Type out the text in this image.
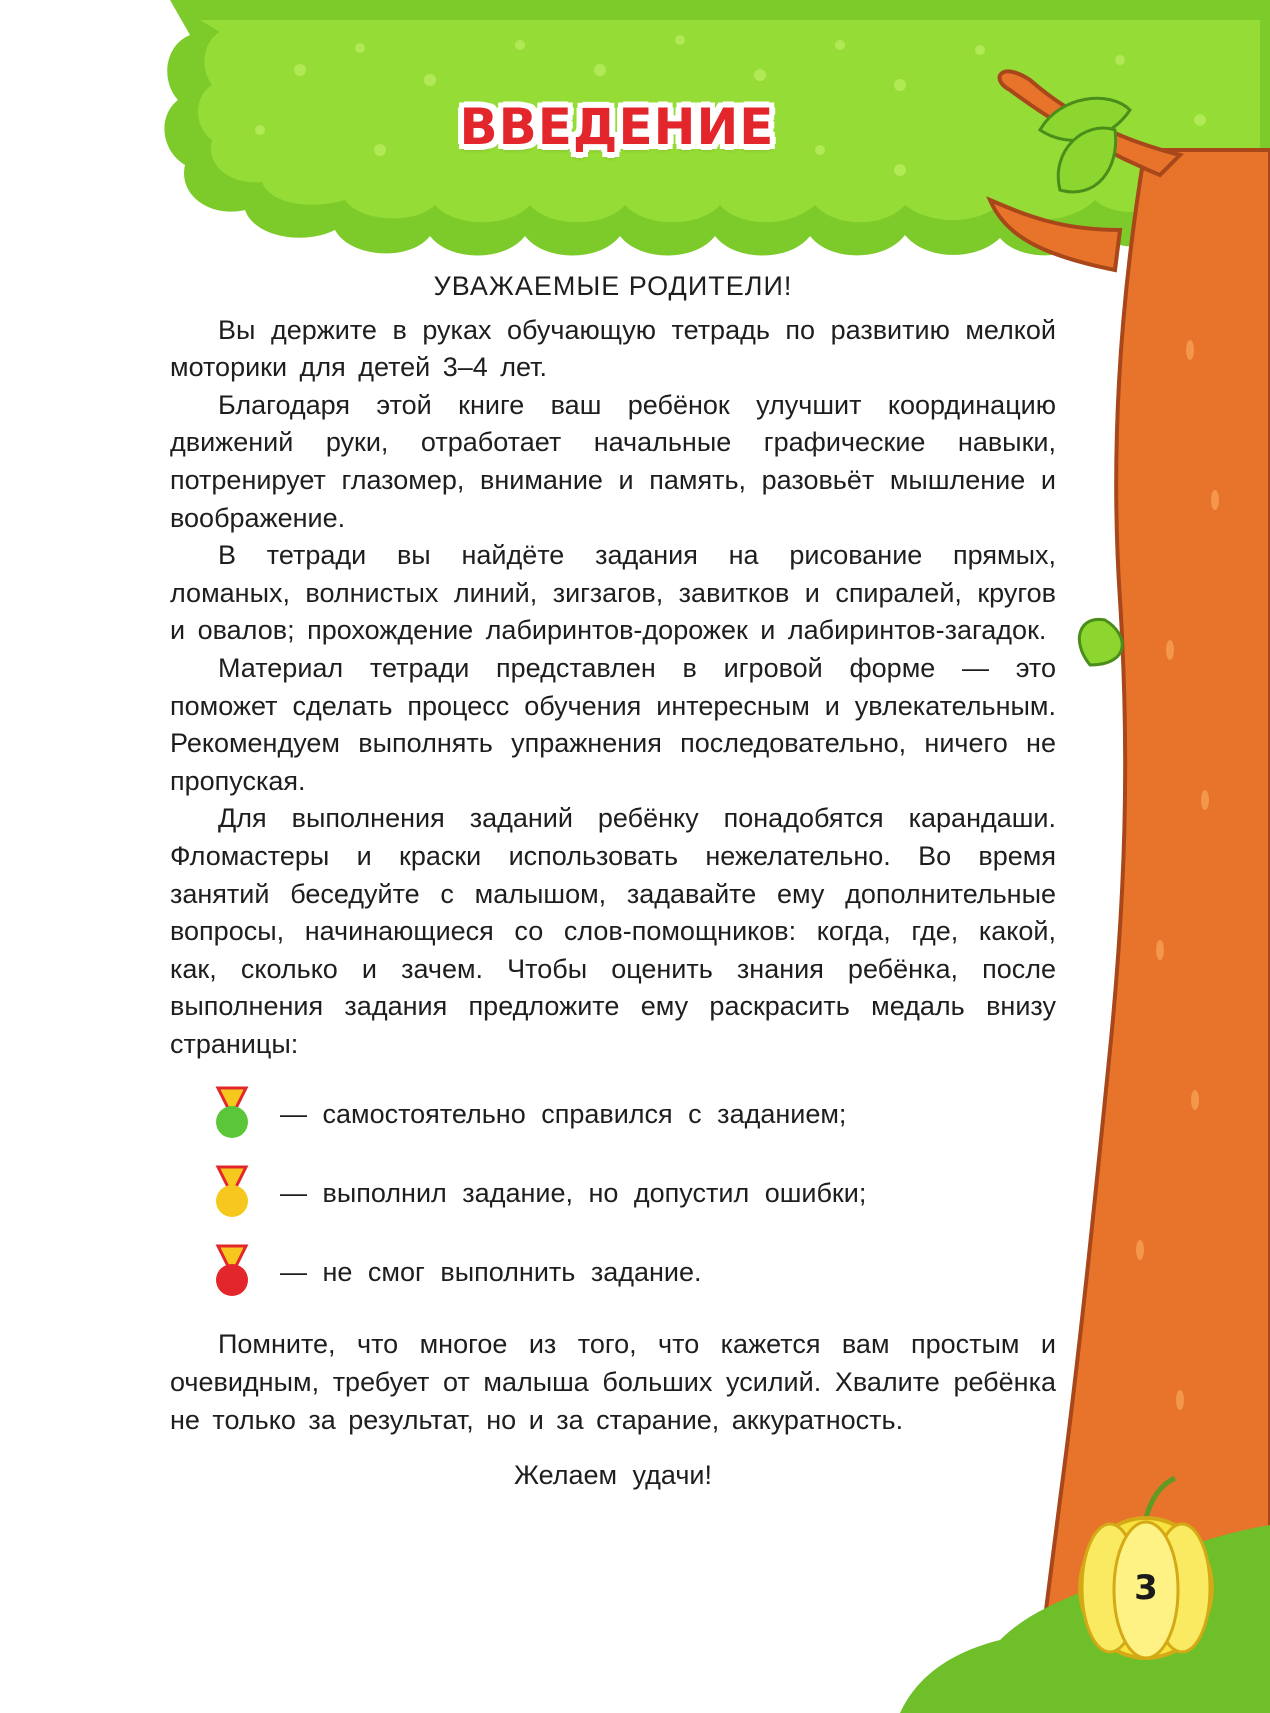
ВВЕДЕНИЕ

УВАЖАЕМЫЕ РОДИТЕЛИ!

Вы держите в руках обучающую тетрадь по развитию мелкой моторики для детей 3–4 лет.

Благодаря этой книге ваш ребёнок улучшит координацию движений руки, отработает начальные графические навыки, потренирует глазомер, внимание и память, разовьёт мышление и воображение.

В тетради вы найдёте задания на рисование прямых, ломаных, волнистых линий, зигзагов, завитков и спиралей, кругов и овалов; прохождение лабиринтов-дорожек и лабиринтов-загадок.

Материал тетради представлен в игровой форме — это поможет сделать процесс обучения интересным и увлекательным. Рекомендуем выполнять упражнения последовательно, ничего не пропуская.

Для выполнения заданий ребёнку понадобятся карандаши. Фломастеры и краски использовать нежелательно. Во время занятий беседуйте с малышом, задавайте ему дополнительные вопросы, начинающиеся со слов-помощников: когда, где, какой, как, сколько и зачем. Чтобы оценить знания ребёнка, после выполнения задания предложите ему раскрасить медаль внизу страницы:

— самостоятельно справился с заданием;
— выполнил задание, но допустил ошибки;
— не смог выполнить задание.

Помните, что многое из того, что кажется вам простым и очевидным, требует от малыша больших усилий. Хвалите ребёнка не только за результат, но и за старание, аккуратность.

Желаем удачи!

3
